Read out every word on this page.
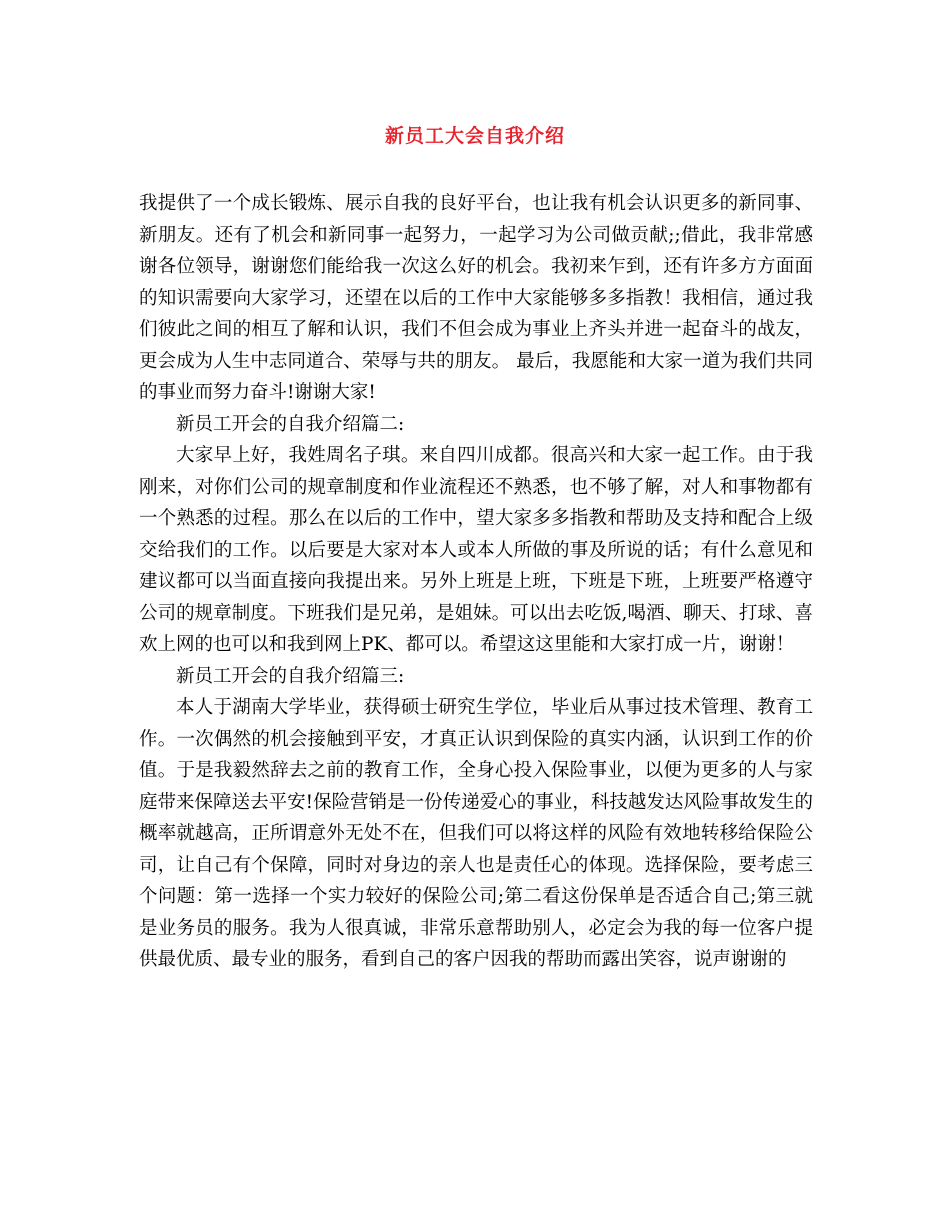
新员工大会自我介绍

我提供了一个成长锻炼、展示自我的良好平台，也让我有机会认识更多的新同事、新朋友。还有了机会和新同事一起努力，一起学习为公司做贡献;;借此，我非常感谢各位领导，谢谢您们能给我一次这么好的机会。我初来乍到，还有许多方方面面的知识需要向大家学习，还望在以后的工作中大家能够多多指教！我相信，通过我们彼此之间的相互了解和认识，我们不但会成为事业上齐头并进一起奋斗的战友，更会成为人生中志同道合、荣辱与共的朋友。 最后，我愿能和大家一道为我们共同的事业而努力奋斗!谢谢大家!

新员工开会的自我介绍篇二:

大家早上好，我姓周名子琪。来自四川成都。很高兴和大家一起工作。由于我刚来，对你们公司的规章制度和作业流程还不熟悉，也不够了解，对人和事物都有一个熟悉的过程。那么在以后的工作中，望大家多多指教和帮助及支持和配合上级交给我们的工作。以后要是大家对本人或本人所做的事及所说的话；有什么意见和建议都可以当面直接向我提出来。另外上班是上班，下班是下班，上班要严格遵守公司的规章制度。下班我们是兄弟，是姐妹。可以出去吃饭,喝酒、聊天、打球、喜欢上网的也可以和我到网上PK、都可以。希望这这里能和大家打成一片，谢谢！

新员工开会的自我介绍篇三:

本人于湖南大学毕业，获得硕士研究生学位，毕业后从事过技术管理、教育工作。一次偶然的机会接触到平安，才真正认识到保险的真实内涵，认识到工作的价值。于是我毅然辞去之前的教育工作，全身心投入保险事业，以便为更多的人与家庭带来保障送去平安!保险营销是一份传递爱心的事业，科技越发达风险事故发生的概率就越高，正所谓意外无处不在，但我们可以将这样的风险有效地转移给保险公司，让自己有个保障，同时对身边的亲人也是责任心的体现。选择保险，要考虑三个问题：第一选择一个实力较好的保险公司;第二看这份保单是否适合自己;第三就是业务员的服务。我为人很真诚，非常乐意帮助别人，必定会为我的每一位客户提供最优质、最专业的服务，看到自己的客户因我的帮助而露出笑容，说声谢谢的
